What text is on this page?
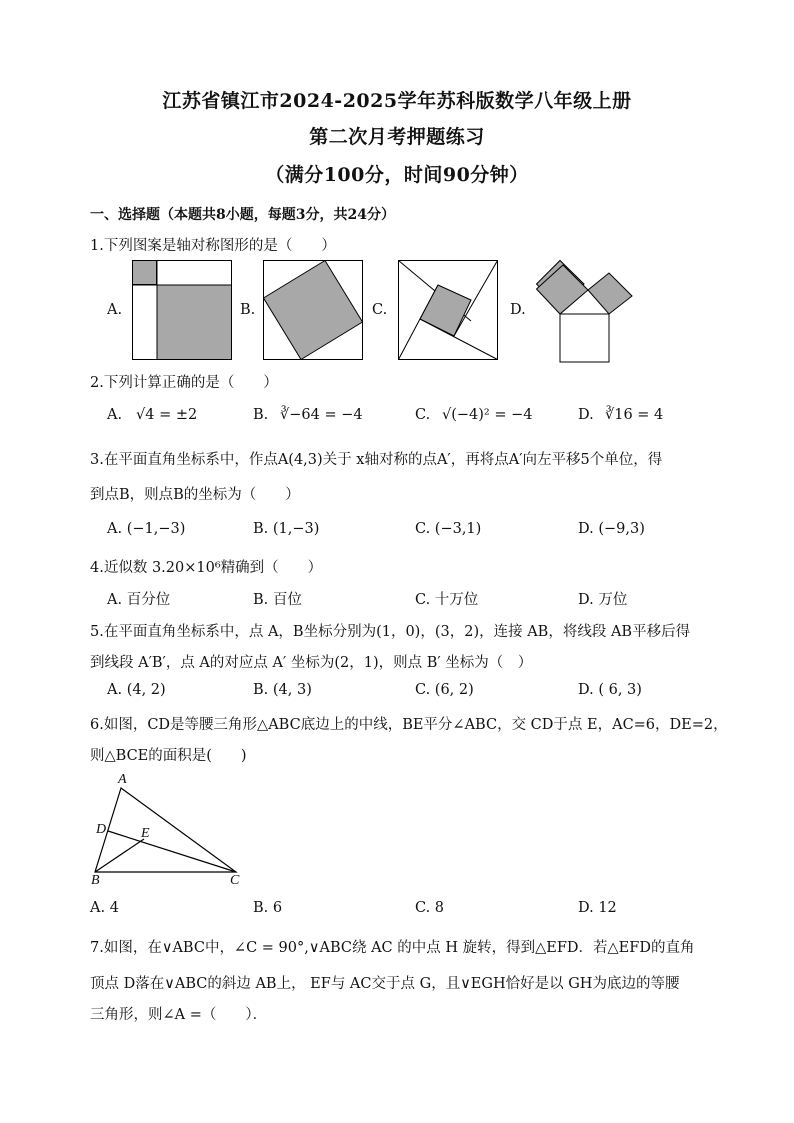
江苏省镇江市2024-2025学年苏科版数学八年级上册
第二次月考押题练习
（满分100分，时间90分钟）
一、选择题（本题共8小题，每题3分，共24分）
1.下列图案是轴对称图形的是（　　）
A.	B.	C.	D.
2.下列计算正确的是（　　）
A. √4 = ±2	B. ∛−64 = −4	C. √(−4)² = −4	D. ∛16 = 4
3.在平面直角坐标系中，作点A(4,3)关于 x轴对称的点A′，再将点A′向左平移5个单位，得
到点B，则点B的坐标为（　　）
A. (−1,−3)	B. (1,−3)	C. (−3,1)	D. (−9,3)
4.近似数 3.20×10⁶精确到（　　）
A. 百分位	B. 百位	C. 十万位	D. 万位
5.在平面直角坐标系中，点 A，B坐标分别为(1，0)，(3，2)，连接 AB，将线段 AB平移后得
到线段 A′B′，点 A的对应点 A′ 坐标为(2，1)，则点 B′ 坐标为（　）
A. (4, 2)	B. (4, 3)	C. (6, 2)	D. ( 6, 3)
6.如图，CD是等腰三角形△ABC底边上的中线，BE平分∠ABC，交 CD于点 E，AC=6，DE=2，
则△BCE的面积是(　　)
A
D E
B	C
A. 4	B. 6	C. 8	D. 12
7.如图，在∨ABC中，∠C = 90°,∨ABC绕 AC 的中点 H 旋转，得到△EFD．若△EFD的直角
顶点 D落在∨ABC的斜边 AB上， EF与 AC交于点 G，且∨EGH恰好是以 GH为底边的等腰
三角形，则∠A =（　　）．
